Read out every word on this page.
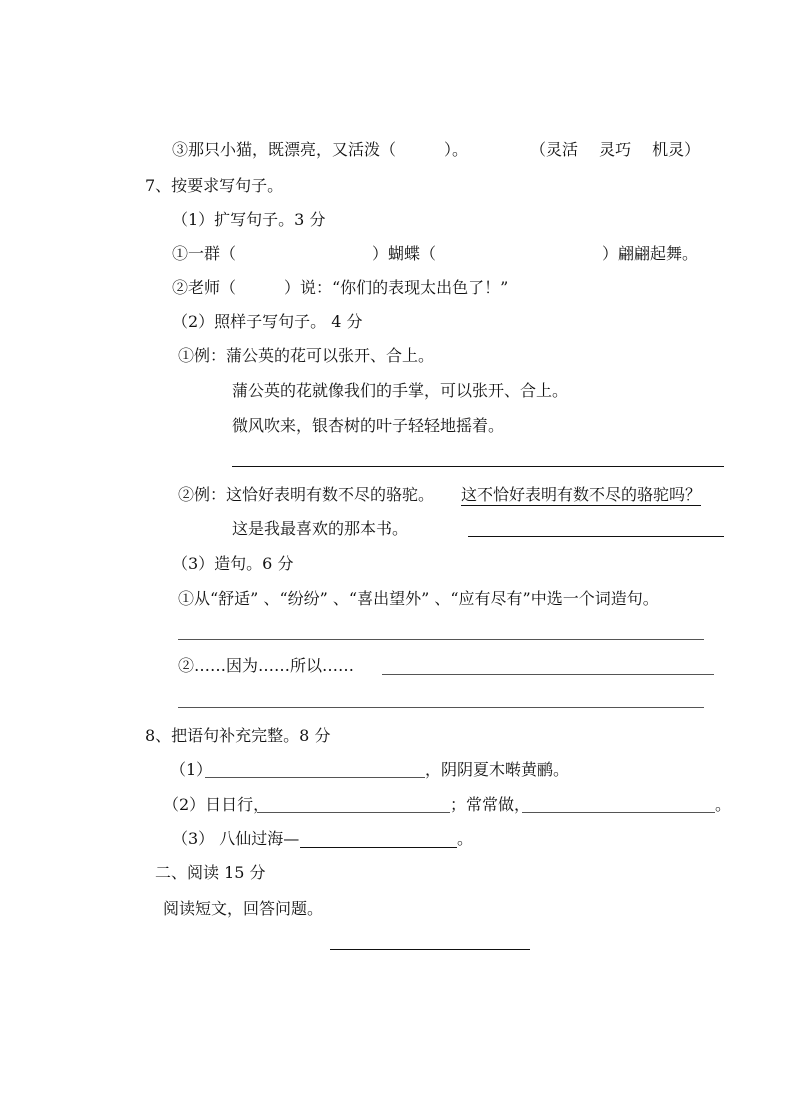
③那只小猫，既漂亮，又活泼（　　　）。	（灵活　 灵巧　 机灵）
7、按要求写句子。
（1）扩写句子。3 分
①一群（	）蝴蝶（	）翩翩起舞。
②老师（　　　）说：“你们的表现太出色了！”
（2）照样子写句子。 4 分
①例：蒲公英的花可以张开、合上。
蒲公英的花就像我们的手掌，可以张开、合上。
微风吹来，银杏树的叶子轻轻地摇着。
②例：这恰好表明有数不尽的骆驼。 这不恰好表明有数不尽的骆驼吗？
这是我最喜欢的那本书。
（3）造句。6 分
①从“舒适” 、“纷纷” 、“喜出望外” 、“应有尽有”中选一个词造句。
②……因为……所以……
8、把语句补充完整。8 分
（1）	，阴阴夏木啭黄鹂。
（2）日日行，	；常常做，	。
（3） 八仙过海—	。
二、阅读 15 分
阅读短文，回答问题。
